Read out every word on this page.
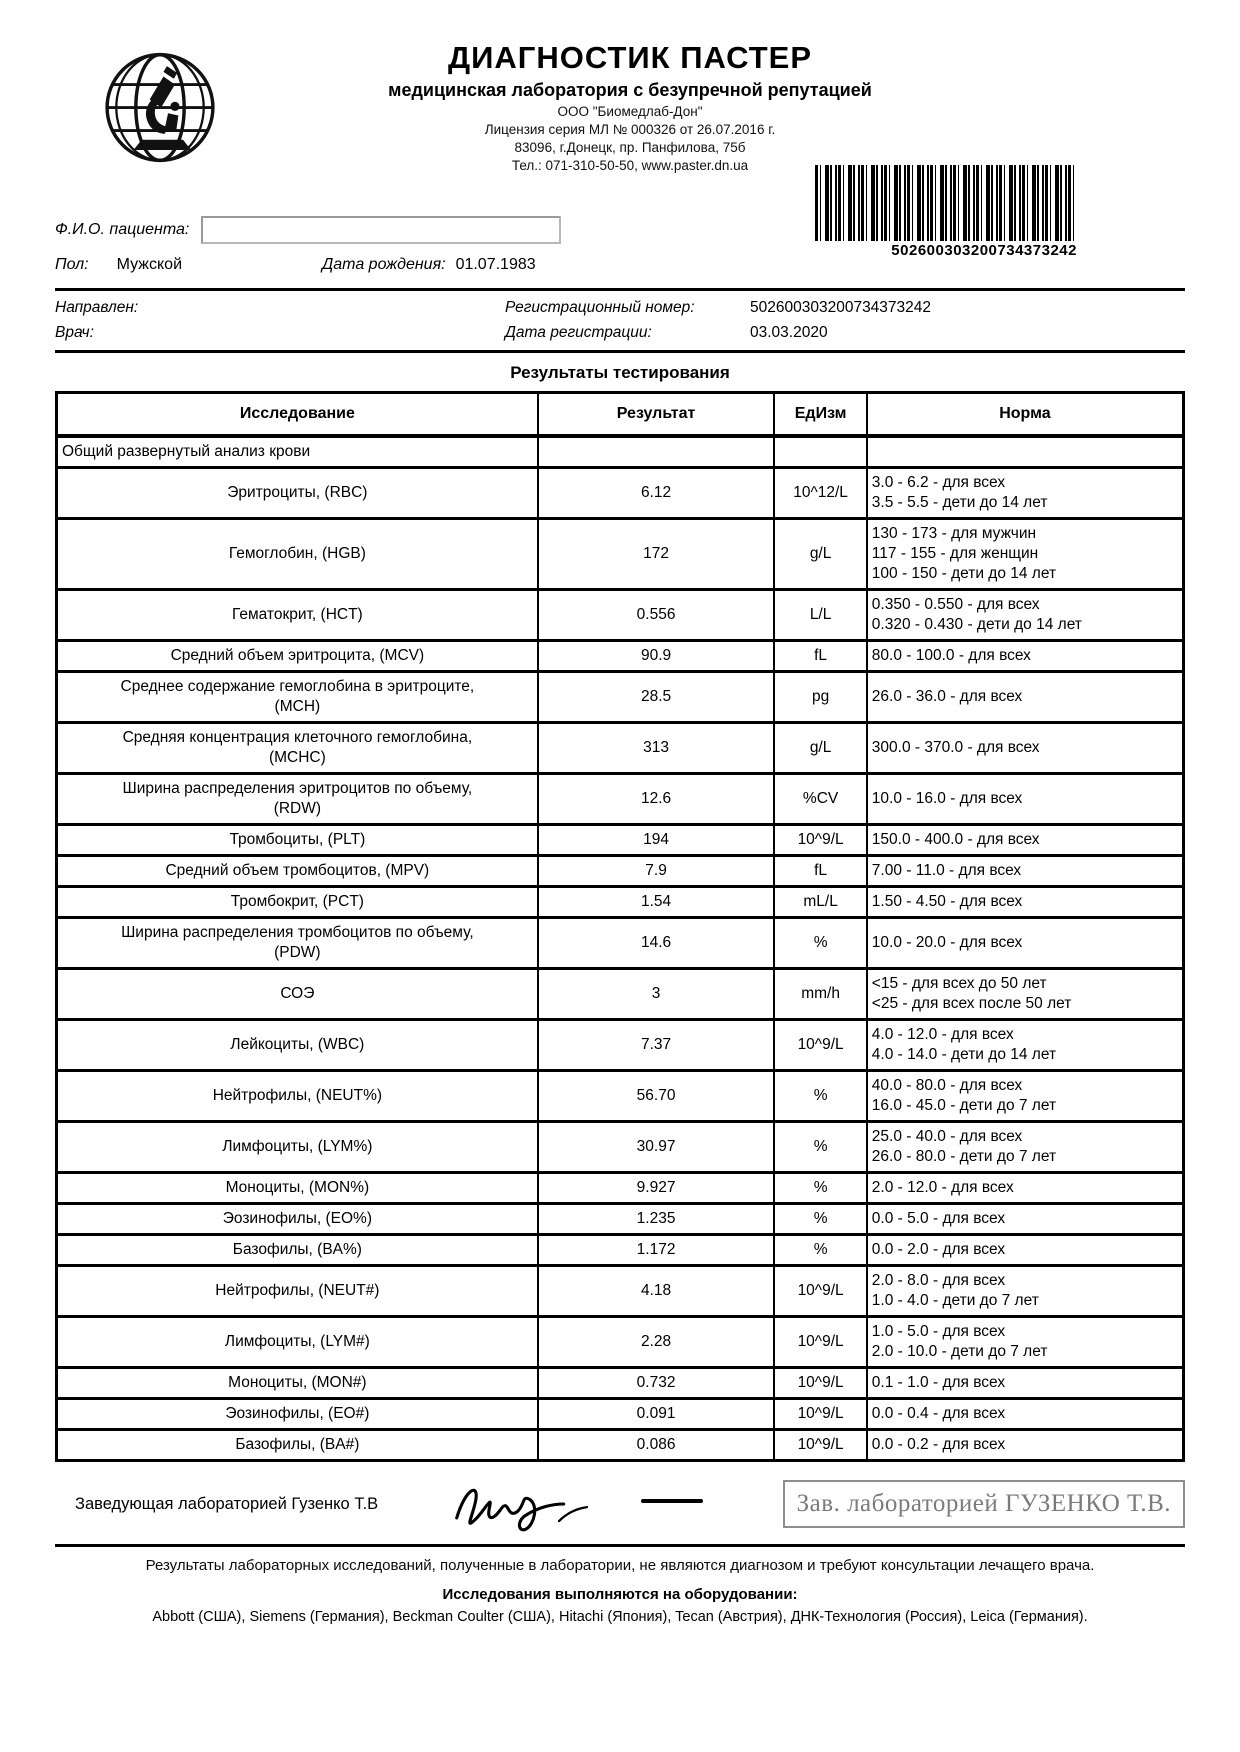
ДИАГНОСТИК ПАСТЕР
медицинская лаборатория с безупречной репутацией
ООО "Биомедлаб-Дон"
Лицензия серия МЛ № 000326 от 26.07.2016 г.
83096, г.Донецк, пр. Панфилова, 75б
Тел.: 071-310-50-50, www.paster.dn.ua
502600303200734373242
Ф.И.О. пациента:
Пол: Мужской	Дата рождения: 01.07.1983
Направлен:	Регистрационный номер:	502600303200734373242
Врач:	Дата регистрации:	03.03.2020
Результаты тестирования
Исследование	Результат	ЕдИзм	Норма
Общий развернутый анализ крови			

Эритроциты, (RBC)	6.12	10^12/L	3.0 - 6.2 - для всех
3.5 - 5.5 - дети до 14 лет

Гемоглобин, (HGB)	172	g/L	130 - 173 - для мужчин
117 - 155 - для женщин
100 - 150 - дети до 14 лет

Гематокрит, (HCT)	0.556	L/L	0.350 - 0.550 - для всех
0.320 - 0.430 - дети до 14 лет

Средний объем эритроцита, (MCV)	90.9	fL	80.0 - 100.0 - для всех

Среднее содержание гемоглобина в эритроците,
(MCH)	28.5	pg	26.0 - 36.0 - для всех

Средняя концентрация клеточного гемоглобина,
(MCHC)	313	g/L	300.0 - 370.0 - для всех

Ширина распределения эритроцитов по объему,
(RDW)	12.6	%CV	10.0 - 16.0 - для всех

Тромбоциты, (PLT)	194	10^9/L	150.0 - 400.0 - для всех

Средний объем тромбоцитов, (MPV)	7.9	fL	7.00 - 11.0 - для всех

Тромбокрит, (PCT)	1.54	mL/L	1.50 - 4.50 - для всех

Ширина распределения тромбоцитов по объему,
(PDW)	14.6	%	10.0 - 20.0 - для всех

СОЭ	3	mm/h	<15 - для всех до 50 лет
<25 - для всех после 50 лет

Лейкоциты, (WBC)	7.37	10^9/L	4.0 - 12.0 - для всех
4.0 - 14.0 - дети до 14 лет

Нейтрофилы, (NEUT%)	56.70	%	40.0 - 80.0 - для всех
16.0 - 45.0 - дети до 7 лет

Лимфоциты, (LYM%)	30.97	%	25.0 - 40.0 - для всех
26.0 - 80.0 - дети до 7 лет

Моноциты, (MON%)	9.927	%	2.0 - 12.0 - для всех

Эозинофилы, (EO%)	1.235	%	0.0 - 5.0 - для всех

Базофилы, (BA%)	1.172	%	0.0 - 2.0 - для всех

Нейтрофилы, (NEUT#)	4.18	10^9/L	2.0 - 8.0 - для всех
1.0 - 4.0 - дети до 7 лет

Лимфоциты, (LYM#)	2.28	10^9/L	1.0 - 5.0 - для всех
2.0 - 10.0 - дети до 7 лет

Моноциты, (MON#)	0.732	10^9/L	0.1 - 1.0 - для всех

Эозинофилы, (EO#)	0.091	10^9/L	0.0 - 0.4 - для всех

Базофилы, (BA#)	0.086	10^9/L	0.0 - 0.2 - для всех
Заведующая лабораторией Гузенко Т.В	Зав. лабораторией ГУЗЕНКО Т.В.

Результаты лабораторных исследований, полученные в лаборатории, не являются диагнозом и требуют консультации лечащего врача.

Исследования выполняются на оборудовании:

Abbott (США), Siemens (Германия), Beckman Coulter (США), Hitachi (Япония), Tecan (Австрия), ДНК-Технология (Россия), Leica (Германия).
